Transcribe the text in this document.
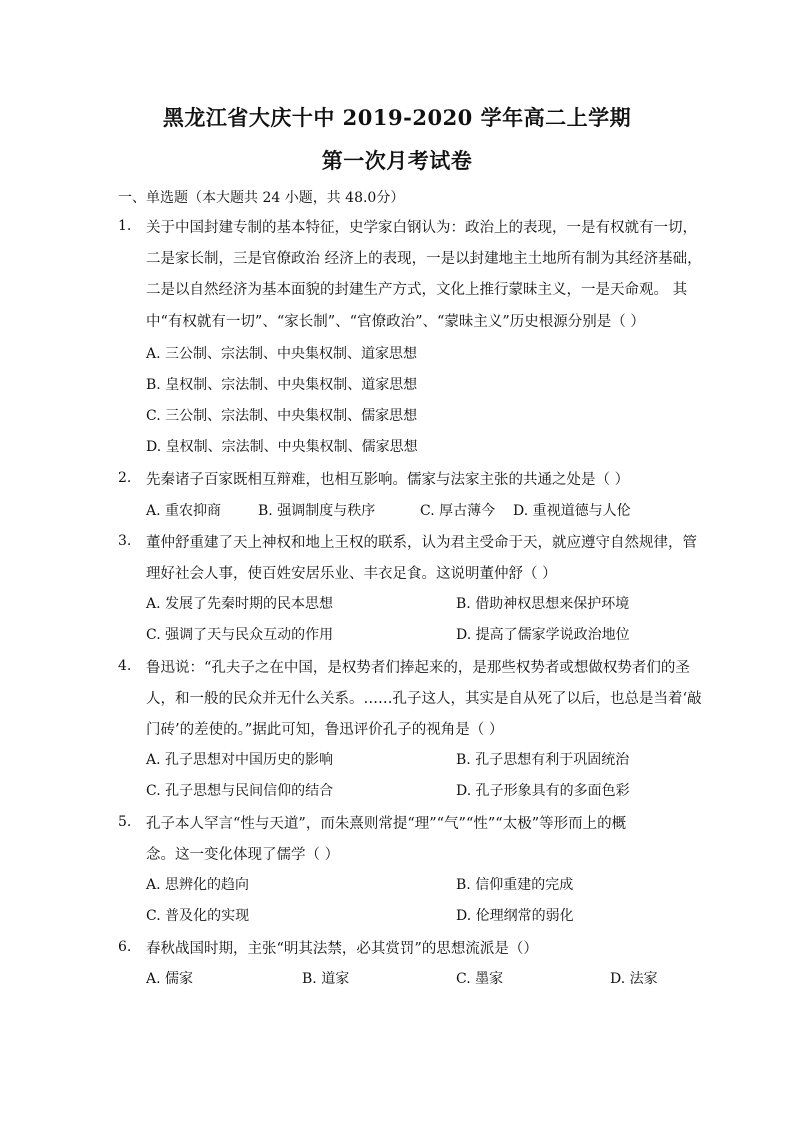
黑龙江省大庆十中 2019-2020 学年高二上学期
第一次月考试卷
一、单选题（本大题共 24 小题，共 48.0分）
1. 关于中国封建专制的基本特征，史学家白钢认为：政治上的表现，一是有权就有一切，
二是家长制，三是官僚政治 经济上的表现，一是以封建地主土地所有制为其经济基础，
二是以自然经济为基本面貌的封建生产方式，文化上推行蒙昧主义，一是天命观。 其
中“有权就有一切”、“家长制”、“官僚政治”、“蒙昧主义”历史根源分别是（ ）
A. 三公制、宗法制、中央集权制、道家思想
B. 皇权制、宗法制、中央集权制、道家思想
C. 三公制、宗法制、中央集权制、儒家思想
D. 皇权制、宗法制、中央集权制、儒家思想
2. 先秦诸子百家既相互辩难，也相互影响。儒家与法家主张的共通之处是（ ）
A. 重农抑商	B. 强调制度与秩序	C. 厚古薄今 D. 重视道德与人伦
3. 董仲舒重建了天上神权和地上王权的联系，认为君主受命于天，就应遵守自然规律，管
理好社会人事，使百姓安居乐业、丰衣足食。这说明董仲舒（ ）
A. 发展了先秦时期的民本思想	B. 借助神权思想来保护环境
C. 强调了天与民众互动的作用	D. 提高了儒家学说政治地位
4. 鲁迅说：“孔夫子之在中国，是权势者们捧起来的，是那些权势者或想做权势者们的圣
人，和一般的民众并无什么关系。……孔子这人，其实是自从死了以后，也总是当着‘敲
门砖’的差使的。”据此可知，鲁迅评价孔子的视角是（ ）
A. 孔子思想对中国历史的影响	B. 孔子思想有利于巩固统治
C. 孔子思想与民间信仰的结合	D. 孔子形象具有的多面色彩
5. 孔子本人罕言“性与天道”，而朱熹则常提“理”“气”“性”“太极”等形而上的概
念。这一变化体现了儒学（ ）
A. 思辨化的趋向	B. 信仰重建的完成
C. 普及化的实现	D. 伦理纲常的弱化
6. 春秋战国时期，主张“明其法禁，必其赏罚”的思想流派是（）
A. 儒家	B. 道家	C. 墨家	D. 法家
